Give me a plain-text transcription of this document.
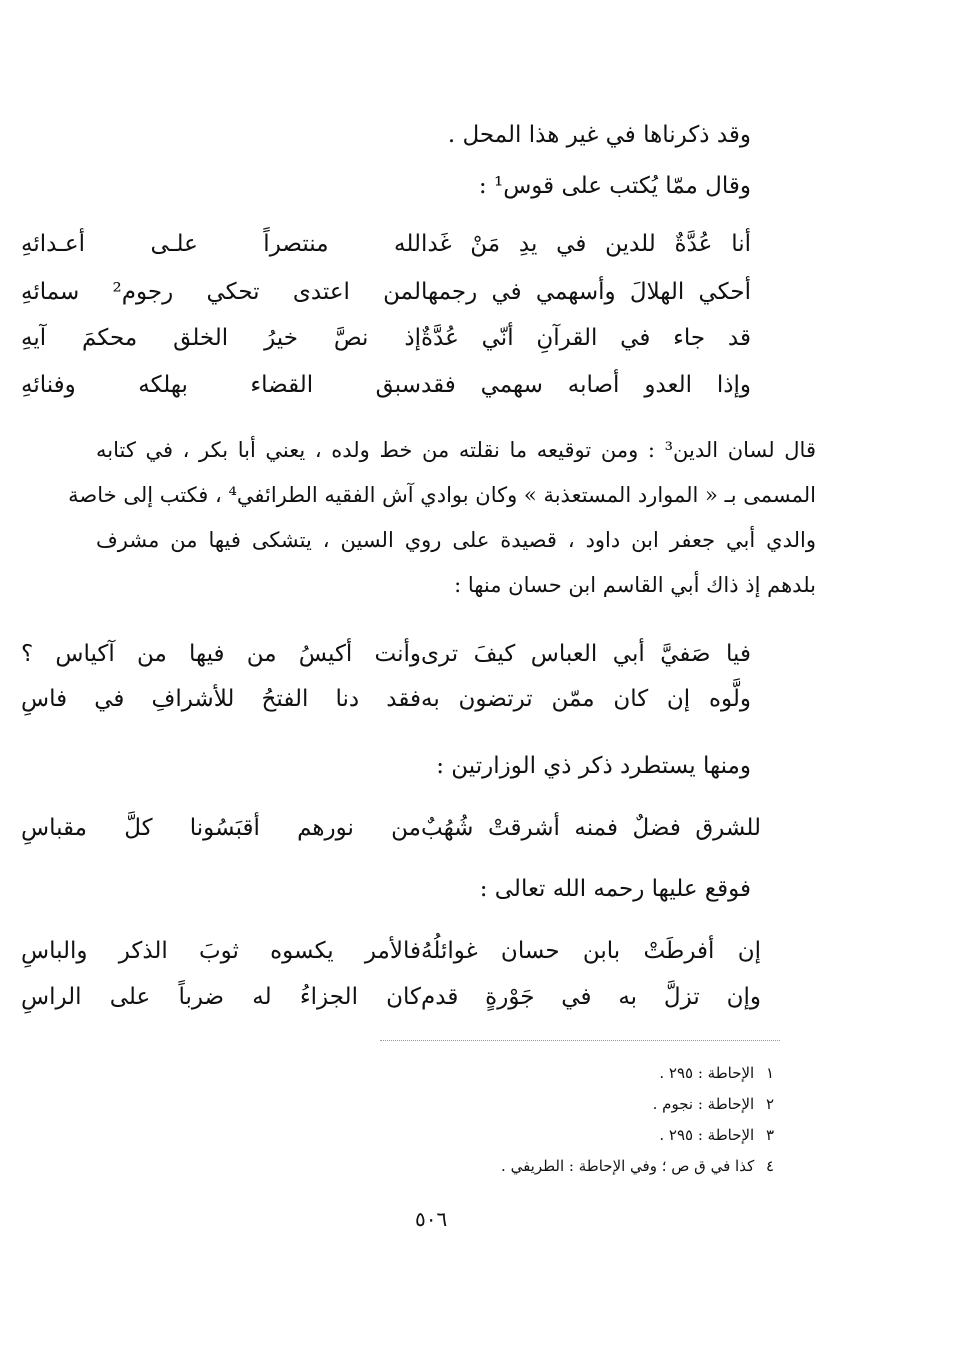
وقد ذكرناها في غير هذا المحل .
وقال ممّا يُكتب على قوس¹ :
أنا عُدَّةٌ للدين في يدِ مَنْ غَدا
لله منتصراً علـى أعـدائهِ
أحكي الهلالَ وأسهمي في رجمها
لمن اعتدى تحكي رجوم² سمائهِ
قد جاء في القرآنِ أنّي عُدَّةٌ
إذ نصَّ خيرُ الخلق محكمَ آيهِ
وإذا العدو أصابه سهمي فقد
سبق القضاء بهلكه وفنائهِ
قال لسان الدين³ : ومن توقيعه ما نقلته من خط ولده ، يعني أبا بكر ، في كتابه
المسمى بـ « الموارد المستعذبة » وكان بوادي آش الفقيه الطرائفي⁴ ، فكتب إلى خاصة
والدي أبي جعفر ابن داود ، قصيدة على روي السين ، يتشكى فيها من مشرف
بلدهم إذ ذاك أبي القاسم ابن حسان منها :
فيا صَفيَّ أبي العباس كيفَ ترى
وأنت أكيسُ من فيها من آكياس ؟
ولَّوه إن كان ممّن ترتضون به
فقد دنا الفتحُ للأشرافِ في فاسِ
ومنها يستطرد ذكر ذي الوزارتين :
للشرق فضلٌ فمنه أشرقتْ شُهُبٌ
من نورهم أقبَسُونا كلَّ مقباسِ
فوقع عليها رحمه الله تعالى :
إن أفرطَتْ بابن حسان غوائلُهُ
فالأمر يكسوه ثوبَ الذكر والباسِ
وإن تزلَّ به في جَوْرةٍ قدم
كان الجزاءُ له ضرباً على الراسِ
١ الإحاطة : ٢٩٥ .
٢ الإحاطة : نجوم .
٣ الإحاطة : ٢٩٥ .
٤ كذا في ق ص ؛ وفي الإحاطة : الطريفي .
٥٠٦
